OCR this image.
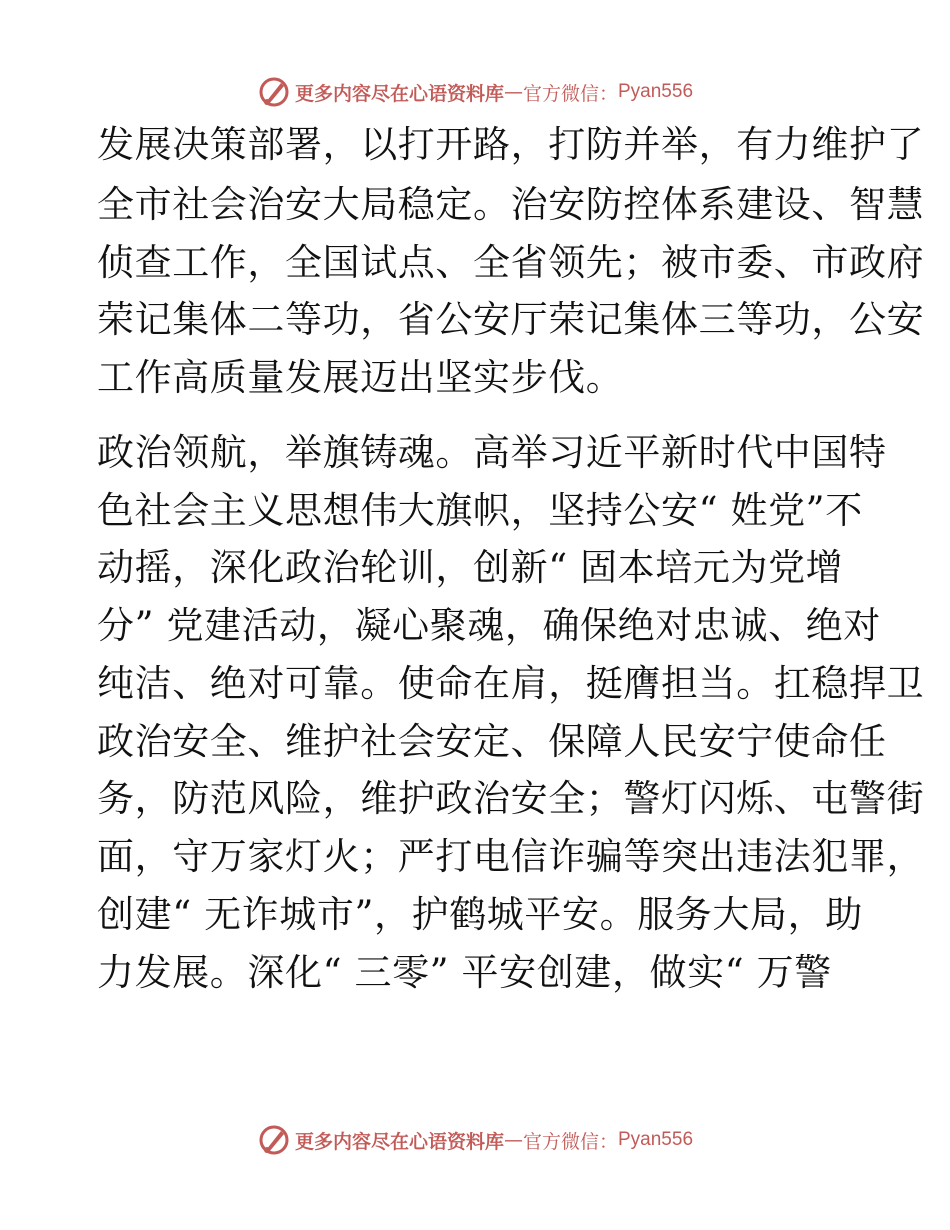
更多内容尽在心语资料库 — 官方微信： Pyan556
发展决策部署，以打开路，打防并举，有力维护了
全市社会治安大局稳定。治安防控体系建设、智慧
侦查工作，全国试点、全省领先；被市委、市政府
荣记集体二等功，省公安厅荣记集体三等功，公安
工作高质量发展迈出坚实步伐。
政治领航，举旗铸魂。高举习近平新时代中国特
色社会主义思想伟大旗帜，坚持公安“ 姓党”不
动摇，深化政治轮训，创新“ 固本培元为党增
分” 党建活动，凝心聚魂，确保绝对忠诚、绝对
纯洁、绝对可靠。使命在肩，挺膺担当。扛稳捍卫
政治安全、维护社会安定、保障人民安宁使命任
务，防范风险，维护政治安全；警灯闪烁、屯警街
面，守万家灯火；严打电信诈骗等突出违法犯罪，
创建“ 无诈城市”，护鹤城平安。服务大局，助
力发展。深化“ 三零” 平安创建，做实“ 万警
更多内容尽在心语资料库 — 官方微信： Pyan556
